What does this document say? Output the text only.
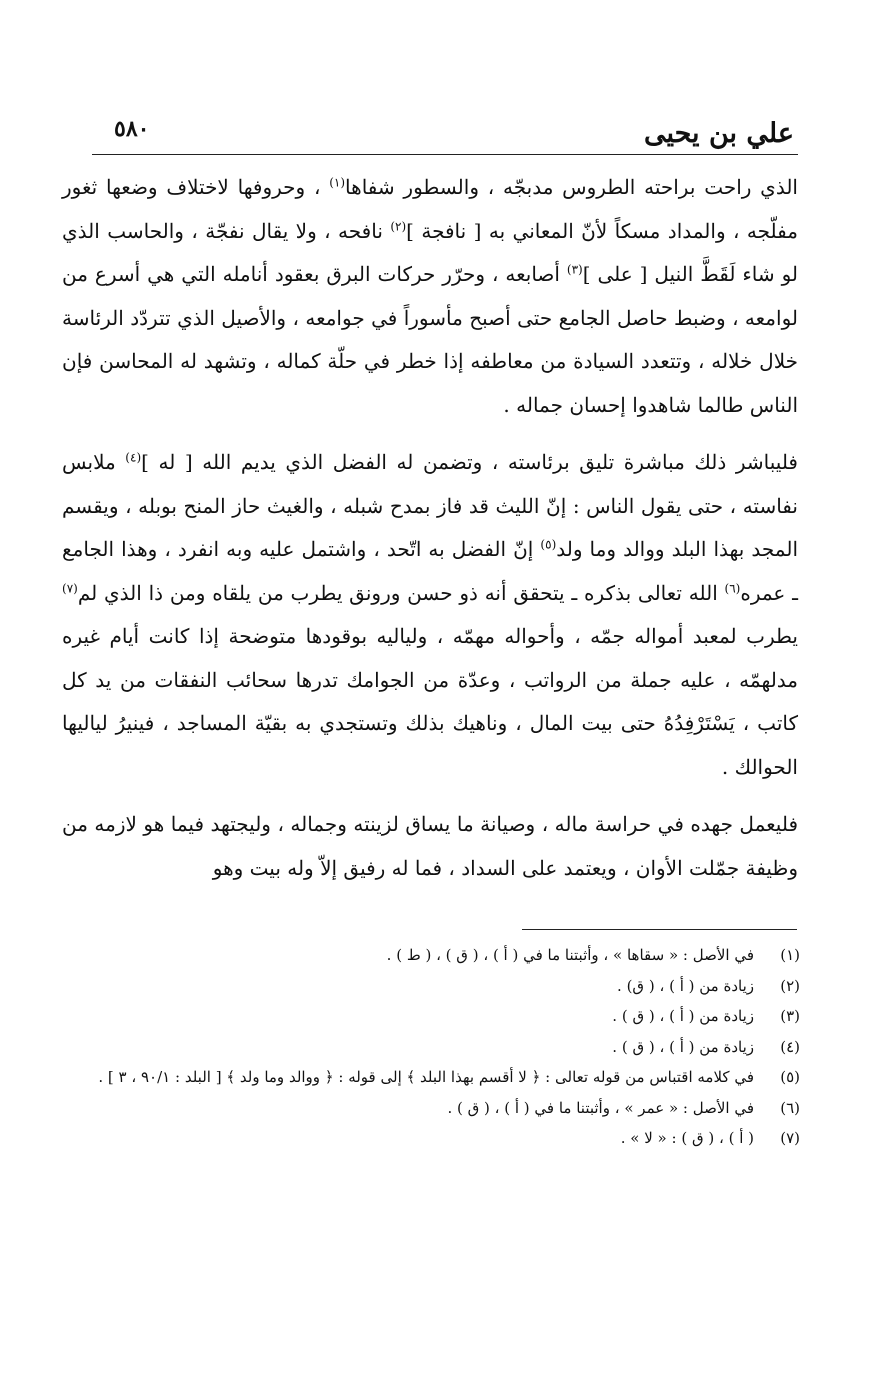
علي بن يحيى
٥٨٠

الذي راحت براحته الطروس مدبجّه ، والسطور شفاها$^{(١)}$ ، وحروفها لاختلاف وضعها ثغور مفلّجه ، والمداد مسكاً لأنّ المعاني به [ نافجة ]$^{(٢)}$ نافحه ، ولا يقال نفجّة ، والحاسب الذي لو شاء لَقَطَّ النيل [ على ]$^{(٣)}$ أصابعه ، وحرّر حركات البرق بعقود أنامله التي هي أسرع من لوامعه ، وضبط حاصل الجامع حتى أصبح مأسوراً في جوامعه ، والأصيل الذي تتردّد الرئاسة خلال خلاله ، وتتعدد السيادة من معاطفه إذا خطر في حلّة كماله ، وتشهد له المحاسن فإن الناس طالما شاهدوا إحسان جماله .

فليباشر ذلك مباشرة تليق برئاسته ، وتضمن له الفضل الذي يديم الله [ له ]$^{(٤)}$ ملابس نفاسته ، حتى يقول الناس : إنّ الليث قد فاز بمدح شبله ، والغيث حاز المنح بوبله ، ويقسم المجد بهذا البلد ووالد وما ولد$^{(٥)}$ إنّ الفضل به اتّحد ، واشتمل عليه وبه انفرد ، وهذا الجامع ـ عمره$^{(٦)}$ الله تعالى بذكره ـ يتحقق أنه ذو حسن ورونق يطرب من يلقاه ومن ذا الذي لم$^{(٧)}$ يطرب لمعبد أمواله جمّه ، وأحواله مهمّه ، ولياليه بوقودها متوضحة إذا كانت أيام غيره مدلهمّه ، عليه جملة من الرواتب ، وعدّة من الجوامك تدرها سحائب النفقات من يد كل كاتب ، يَسْتَرْفِدُهُ حتى بيت المال ، وناهيك بذلك وتستجدي به بقيّة المساجد ، فينيرُ لياليها الحوالك .

فليعمل جهده في حراسة ماله ، وصيانة ما يساق لزينته وجماله ، وليجتهد فيما هو لازمه من وظيفة جمّلت الأوان ، ويعتمد على السداد ، فما له رفيق إلاّ وله بيت وهو

(١)
في الأصل : « سقاها » ، وأثبتنا ما في ( أ ) ، ( ق ) ، ( ط ) .
(٢)
زيادة من ( أ ) ، ( ق) .
(٣)
زيادة من ( أ ) ، ( ق ) .
(٤)
زيادة من ( أ ) ، ( ق ) .
(٥)
في كلامه اقتباس من قوله تعالى : ﴿ لا أقسم بهذا البلد ﴾ إلى قوله : ﴿ ووالد وما ولد ﴾ [ البلد : ٩٠/١ ، ٣ ] .
(٦)
في الأصل : « عمر » ، وأثبتنا ما في ( أ ) ، ( ق ) .
(٧)
( أ ) ، ( ق ) : « لا » .
